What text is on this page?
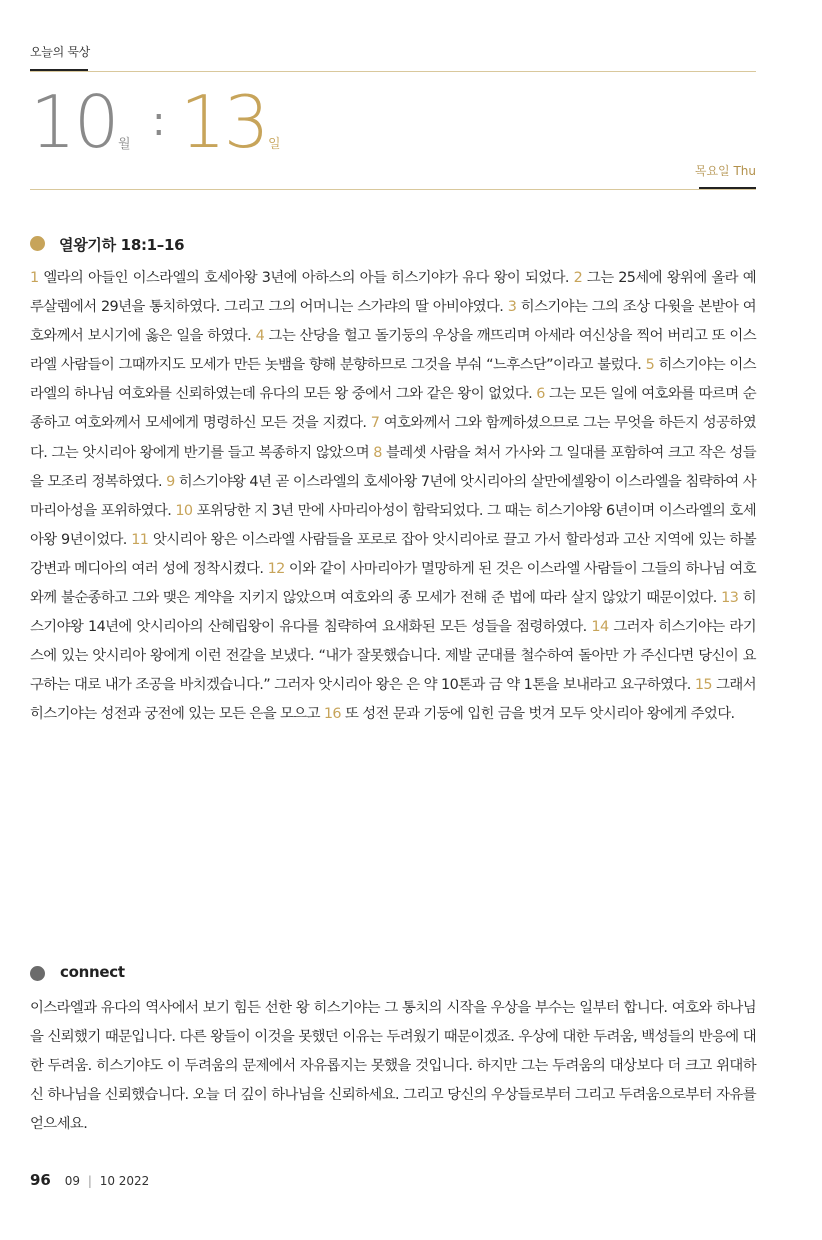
오늘의 묵상
10 월 : 13 일
목요일 Thu
열왕기하 18:1–16

1 엘라의 아들인 이스라엘의 호세아왕 3년에 아하스의 아들 히스기야가 유다 왕이 되었다. 2 그는 25세에 왕위에 올라 예루살렘에서 29년을 통치하였다. 그리고 그의 어머니는 스가랴의 딸 아비야였다. 3 히스기야는 그의 조상 다윗을 본받아 여호와께서 보시기에 옳은 일을 하였다. 4 그는 산당을 헐고 돌기둥의 우상을 깨뜨리며 아세라 여신상을 찍어 버리고 또 이스라엘 사람들이 그때까지도 모세가 만든 놋뱀을 향해 분향하므로 그것을 부숴 “느후스단”이라고 불렀다. 5 히스기야는 이스라엘의 하나님 여호와를 신뢰하였는데 유다의 모든 왕 중에서 그와 같은 왕이 없었다. 6 그는 모든 일에 여호와를 따르며 순종하고 여호와께서 모세에게 명령하신 모든 것을 지켰다. 7 여호와께서 그와 함께하셨으므로 그는 무엇을 하든지 성공하였다. 그는 앗시리아 왕에게 반기를 들고 복종하지 않았으며 8 블레셋 사람을 쳐서 가사와 그 일대를 포함하여 크고 작은 성들을 모조리 정복하였다. 9 히스기야왕 4년 곧 이스라엘의 호세아왕 7년에 앗시리아의 살만에셀왕이 이스라엘을 침략하여 사마리아성을 포위하였다. 10 포위당한 지 3년 만에 사마리아성이 함락되었다. 그 때는 히스기야왕 6년이며 이스라엘의 호세아왕 9년이었다. 11 앗시리아 왕은 이스라엘 사람들을 포로로 잡아 앗시리아로 끌고 가서 할라성과 고산 지역에 있는 하볼 강변과 메디아의 여러 성에 정착시켰다. 12 이와 같이 사마리아가 멸망하게 된 것은 이스라엘 사람들이 그들의 하나님 여호와께 불순종하고 그와 맺은 계약을 지키지 않았으며 여호와의 종 모세가 전해 준 법에 따라 살지 않았기 때문이었다. 13 히스기야왕 14년에 앗시리아의 산헤립왕이 유다를 침략하여 요새화된 모든 성들을 점령하였다. 14 그러자 히스기야는 라기스에 있는 앗시리아 왕에게 이런 전갈을 보냈다. “내가 잘못했습니다. 제발 군대를 철수하여 돌아만 가 주신다면 당신이 요구하는 대로 내가 조공을 바치겠습니다.” 그러자 앗시리아 왕은 은 약 10톤과 금 약 1톤을 보내라고 요구하였다. 15 그래서 히스기야는 성전과 궁전에 있는 모든 은을 모으고 16 또 성전 문과 기둥에 입힌 금을 벗겨 모두 앗시리아 왕에게 주었다.

connect

이스라엘과 유다의 역사에서 보기 힘든 선한 왕 히스기야는 그 통치의 시작을 우상을 부수는 일부터 합니다. 여호와 하나님을 신뢰했기 때문입니다. 다른 왕들이 이것을 못했던 이유는 두려웠기 때문이겠죠. 우상에 대한 두려움, 백성들의 반응에 대한 두려움. 히스기야도 이 두려움의 문제에서 자유롭지는 못했을 것입니다. 하지만 그는 두려움의 대상보다 더 크고 위대하신 하나님을 신뢰했습니다. 오늘 더 깊이 하나님을 신뢰하세요. 그리고 당신의 우상들로부터 그리고 두려움으로부터 자유를 얻으세요.

96 09 | 10 2022
